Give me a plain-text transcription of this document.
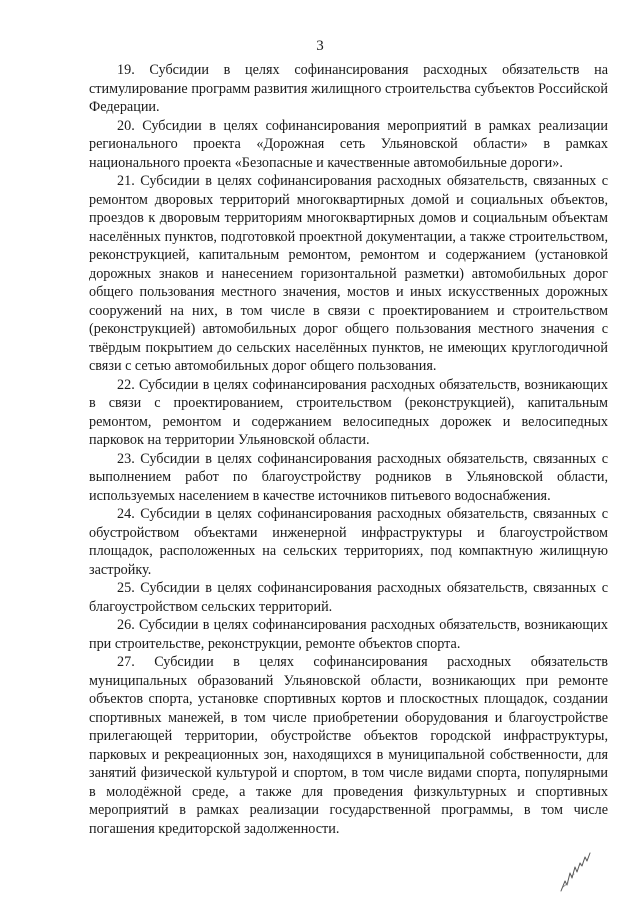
3

19. Субсидии в целях софинансирования расходных обязательств на стимулирование программ развития жилищного строительства субъектов Российской Федерации.

20. Субсидии в целях софинансирования мероприятий в рамках реализации регионального проекта «Дорожная сеть Ульяновской области» в рамках национального проекта «Безопасные и качественные автомобильные дороги».

21. Субсидии в целях софинансирования расходных обязательств, связанных с ремонтом дворовых территорий многоквартирных домой и социальных объектов, проездов к дворовым территориям многоквартирных домов и социальным объектам населённых пунктов, подготовкой проектной документации, а также строительством, реконструкцией, капитальным ремонтом, ремонтом и содержанием (установкой дорожных знаков и нанесением горизонтальной разметки) автомобильных дорог общего пользования местного значения, мостов и иных искусственных дорожных сооружений на них, в том числе в связи с проектированием и строительством (реконструкцией) автомобильных дорог общего пользования местного значения с твёрдым покрытием до сельских населённых пунктов, не имеющих круглогодичной связи с сетью автомобильных дорог общего пользования.

22. Субсидии в целях софинансирования расходных обязательств, возникающих в связи с проектированием, строительством (реконструкцией), капитальным ремонтом, ремонтом и содержанием велосипедных дорожек и велосипедных парковок на территории Ульяновской области.

23. Субсидии в целях софинансирования расходных обязательств, связанных с выполнением работ по благоустройству родников в Ульяновской области, используемых населением в качестве источников питьевого водоснабжения.

24. Субсидии в целях софинансирования расходных обязательств, связанных с обустройством объектами инженерной инфраструктуры и благоустройством площадок, расположенных на сельских территориях, под компактную жилищную застройку.

25. Субсидии в целях софинансирования расходных обязательств, связанных с благоустройством сельских территорий.

26. Субсидии в целях софинансирования расходных обязательств, возникающих при строительстве, реконструкции, ремонте объектов спорта.

27. Субсидии в целях софинансирования расходных обязательств муниципальных образований Ульяновской области, возникающих при ремонте объектов спорта, установке спортивных кортов и плоскостных площадок, создании спортивных манежей, в том числе приобретении оборудования и благоустройстве прилегающей территории, обустройстве объектов городской инфраструктуры, парковых и рекреационных зон, находящихся в муниципальной собственности, для занятий физической культурой и спортом, в том числе видами спорта, популярными в молодёжной среде, а также для проведения физкультурных и спортивных мероприятий в рамках реализации государственной программы, в том числе погашения кредиторской задолженности.
